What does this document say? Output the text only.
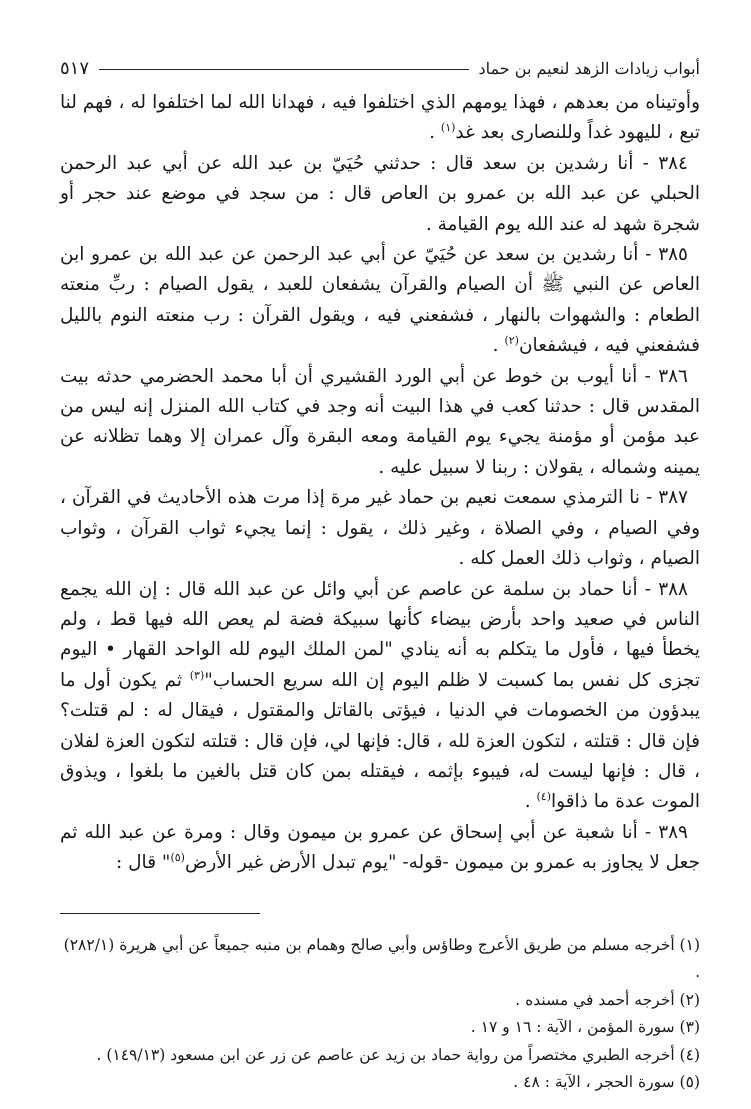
أبواب زيادات الزهد لنعيم بن حماد
٥١٧

وأوتيناه من بعدهم ، فهذا يومهم الذي اختلفوا فيه ، فهدانا الله لما اختلفوا له ، فهم لنا تبع ، لليهود غداً وللنصارى بعد غد$^{(١)}$ .

٣٨٤ - أنا رشدين بن سعد قال : حدثني حُيَيّ بن عبد الله عن أبي عبد الرحمن الحبلي عن عبد الله بن عمرو بن العاص قال : من سجد في موضع عند حجر أو شجرة شهد له عند الله يوم القيامة .

٣٨٥ - أنا رشدين بن سعد عن حُيَيّ عن أبي عبد الرحمن عن عبد الله بن عمرو ابن العاص عن النبي ﷺ أن الصيام والقرآن يشفعان للعبد ، يقول الصيام : ربِّ منعته الطعام : والشهوات بالنهار ، فشفعني فيه ، ويقول القرآن : رب منعته النوم بالليل فشفعني فيه ، فيشفعان$^{(٢)}$ .

٣٨٦ - أنا أيوب بن خوط عن أبي الورد القشيري أن أبا محمد الحضرمي حدثه بيت المقدس قال : حدثنا كعب في هذا البيت أنه وجد في كتاب الله المنزل إنه ليس من عبد مؤمن أو مؤمنة يجيء يوم القيامة ومعه البقرة وآل عمران إلا وهما تظلانه عن يمينه وشماله ، يقولان : ربنا لا سبيل عليه .

٣٨٧ - نا الترمذي سمعت نعيم بن حماد غير مرة إذا مرت هذه الأحاديث في القرآن ، وفي الصيام ، وفي الصلاة ، وغير ذلك ، يقول : إنما يجيء ثواب القرآن ، وثواب الصيام ، وثواب ذلك العمل كله .

٣٨٨ - أنا حماد بن سلمة عن عاصم عن أبي وائل عن عبد الله قال : إن الله يجمع الناس في صعيد واحد بأرض بيضاء كأنها سبيكة فضة لم يعص الله فيها قط ، ولم يخطأ فيها ، فأول ما يتكلم به أنه ينادي "لمن الملك اليوم لله الواحد القهار • اليوم تجزى كل نفس بما كسبت لا ظلم اليوم إن الله سريع الحساب"$^{(٣)}$ ثم يكون أول ما يبدؤون من الخصومات في الدنيا ، فيؤتى بالقاتل والمقتول ، فيقال له : لم قتلت؟ فإن قال : قتلته ، لتكون العزة لله ، قال: فإنها لي، فإن قال : قتلته لتكون العزة لفلان ، قال : فإنها ليست له، فيبوء بإثمه ، فيقتله بمن كان قتل بالغين ما بلغوا ، ويذوق الموت عدة ما ذاقوا$^{(٤)}$ .

٣٨٩ - أنا شعبة عن أبي إسحاق عن عمرو بن ميمون وقال : ومرة عن عبد الله ثم جعل لا يجاوز به عمرو بن ميمون -قوله- "يوم تبدل الأرض غير الأرض$^{(٥)}$" قال :

(١) أخرجه مسلم من طريق الأعرج وطاؤس وأبي صالح وهمام بن منبه جميعاً عن أبي هريرة (٢٨٢/١) .

(٢) أخرجه أحمد في مسنده .

(٣) سورة المؤمن ، الآية : ١٦ و ١٧ .

(٤) أخرجه الطبري مختصراً من رواية حماد بن زيد عن عاصم عن زر عن ابن مسعود (١٤٩/١٣) .

(٥) سورة الحجر ، الآية : ٤٨ .
